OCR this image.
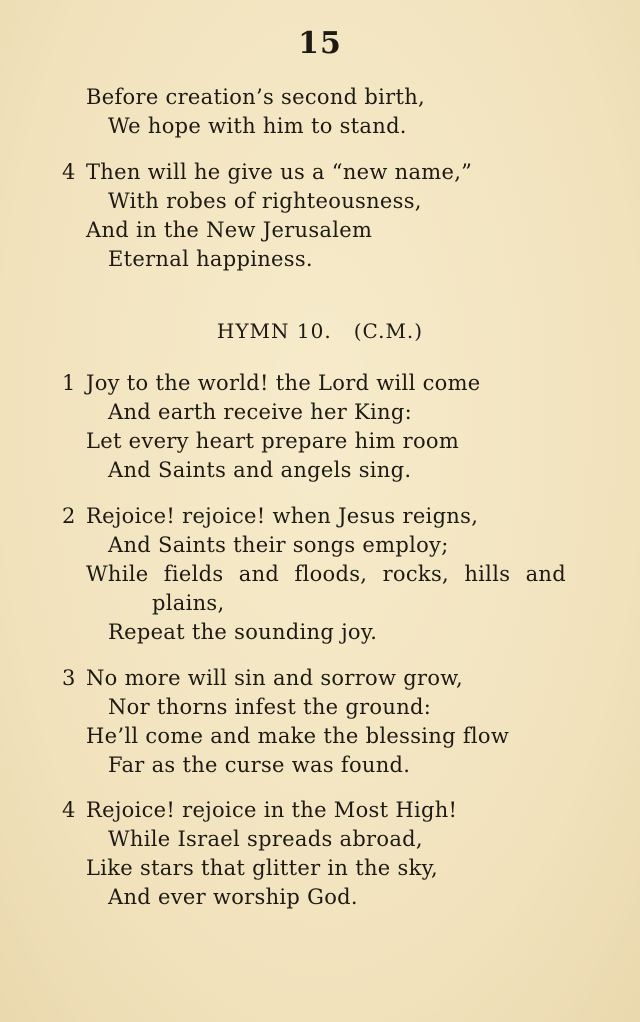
15
Before creation’s second birth,
We hope with him to stand.
4 Then will he give us a “new name,”
With robes of righteousness,
And in the New Jerusalem
Eternal happiness.
HYMN 10. (C.M.)
1 Joy to the world! the Lord will come
And earth receive her King:
Let every heart prepare him room
And Saints and angels sing.
2 Rejoice! rejoice! when Jesus reigns,
And Saints their songs employ;
While fields and floods, rocks, hills and
plains,
Repeat the sounding joy.
3 No more will sin and sorrow grow,
Nor thorns infest the ground:
He’ll come and make the blessing flow
Far as the curse was found.
4 Rejoice! rejoice in the Most High!
While Israel spreads abroad,
Like stars that glitter in the sky,
And ever worship God.
